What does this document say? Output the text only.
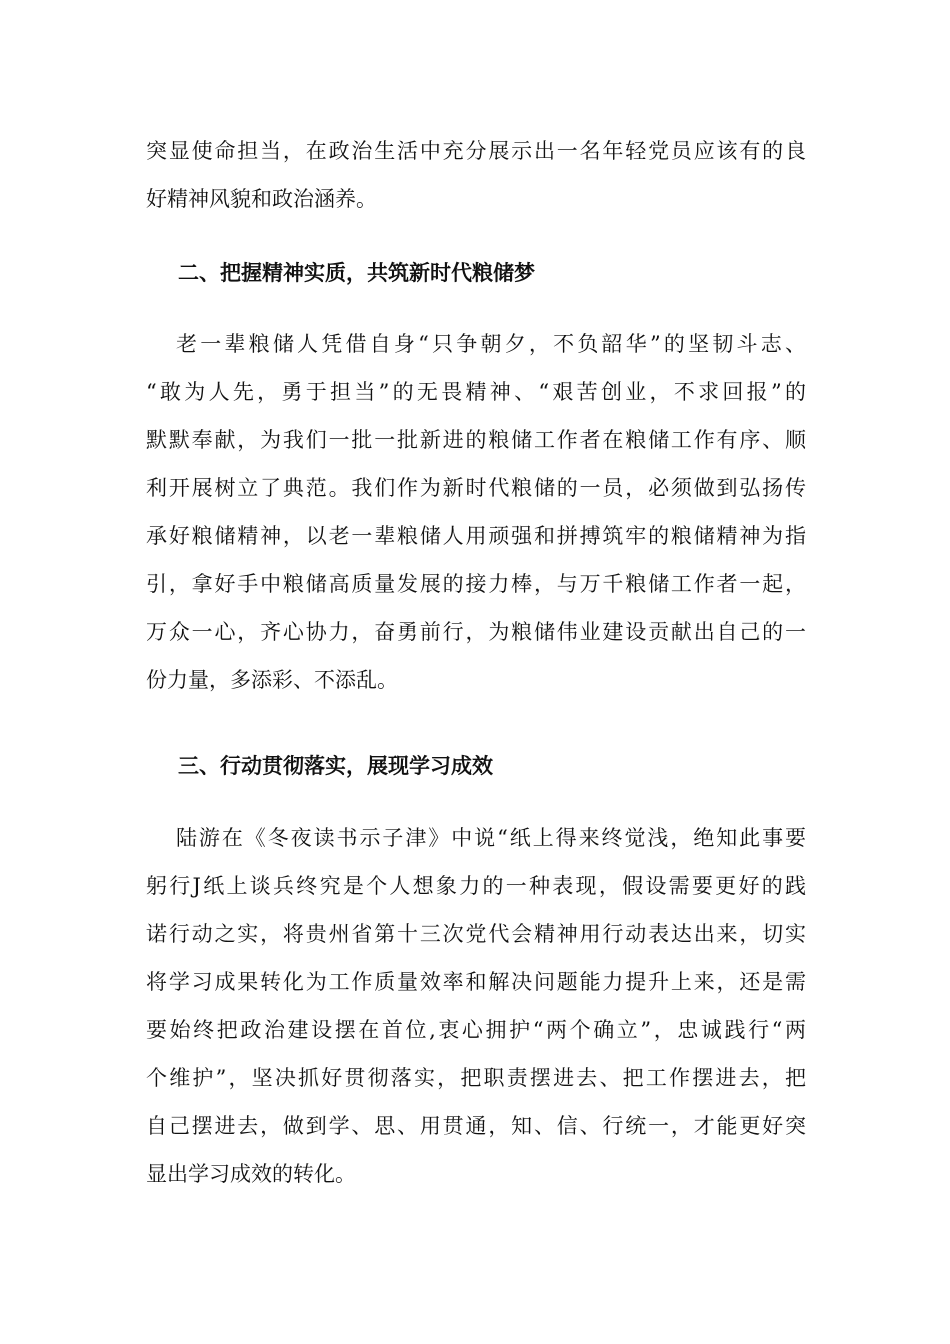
突显使命担当，在政治生活中充分展示出一名年轻党员应该有的良
好精神风貌和政治涵养。
二、把握精神实质，共筑新时代粮储梦
老一辈粮储人凭借自身“只争朝夕，不负韶华”的坚韧斗志、
“敢为人先，勇于担当”的无畏精神、“艰苦创业，不求回报”的
默默奉献，为我们一批一批新进的粮储工作者在粮储工作有序、顺
利开展树立了典范。我们作为新时代粮储的一员，必须做到弘扬传
承好粮储精神，以老一辈粮储人用顽强和拼搏筑牢的粮储精神为指
引，拿好手中粮储高质量发展的接力棒，与万千粮储工作者一起，
万众一心，齐心协力，奋勇前行，为粮储伟业建设贡献出自己的一
份力量，多添彩、不添乱。
三、行动贯彻落实，展现学习成效
陆游在《冬夜读书示子津》中说“纸上得来终觉浅，绝知此事要
躬行J纸上谈兵终究是个人想象力的一种表现，假设需要更好的践
诺行动之实，将贵州省第十三次党代会精神用行动表达出来，切实
将学习成果转化为工作质量效率和解决问题能力提升上来，还是需
要始终把政治建设摆在首位,衷心拥护“两个确立”，忠诚践行“两
个维护”，坚决抓好贯彻落实，把职责摆进去、把工作摆进去，把
自己摆进去，做到学、思、用贯通，知、信、行统一，才能更好突
显出学习成效的转化。
